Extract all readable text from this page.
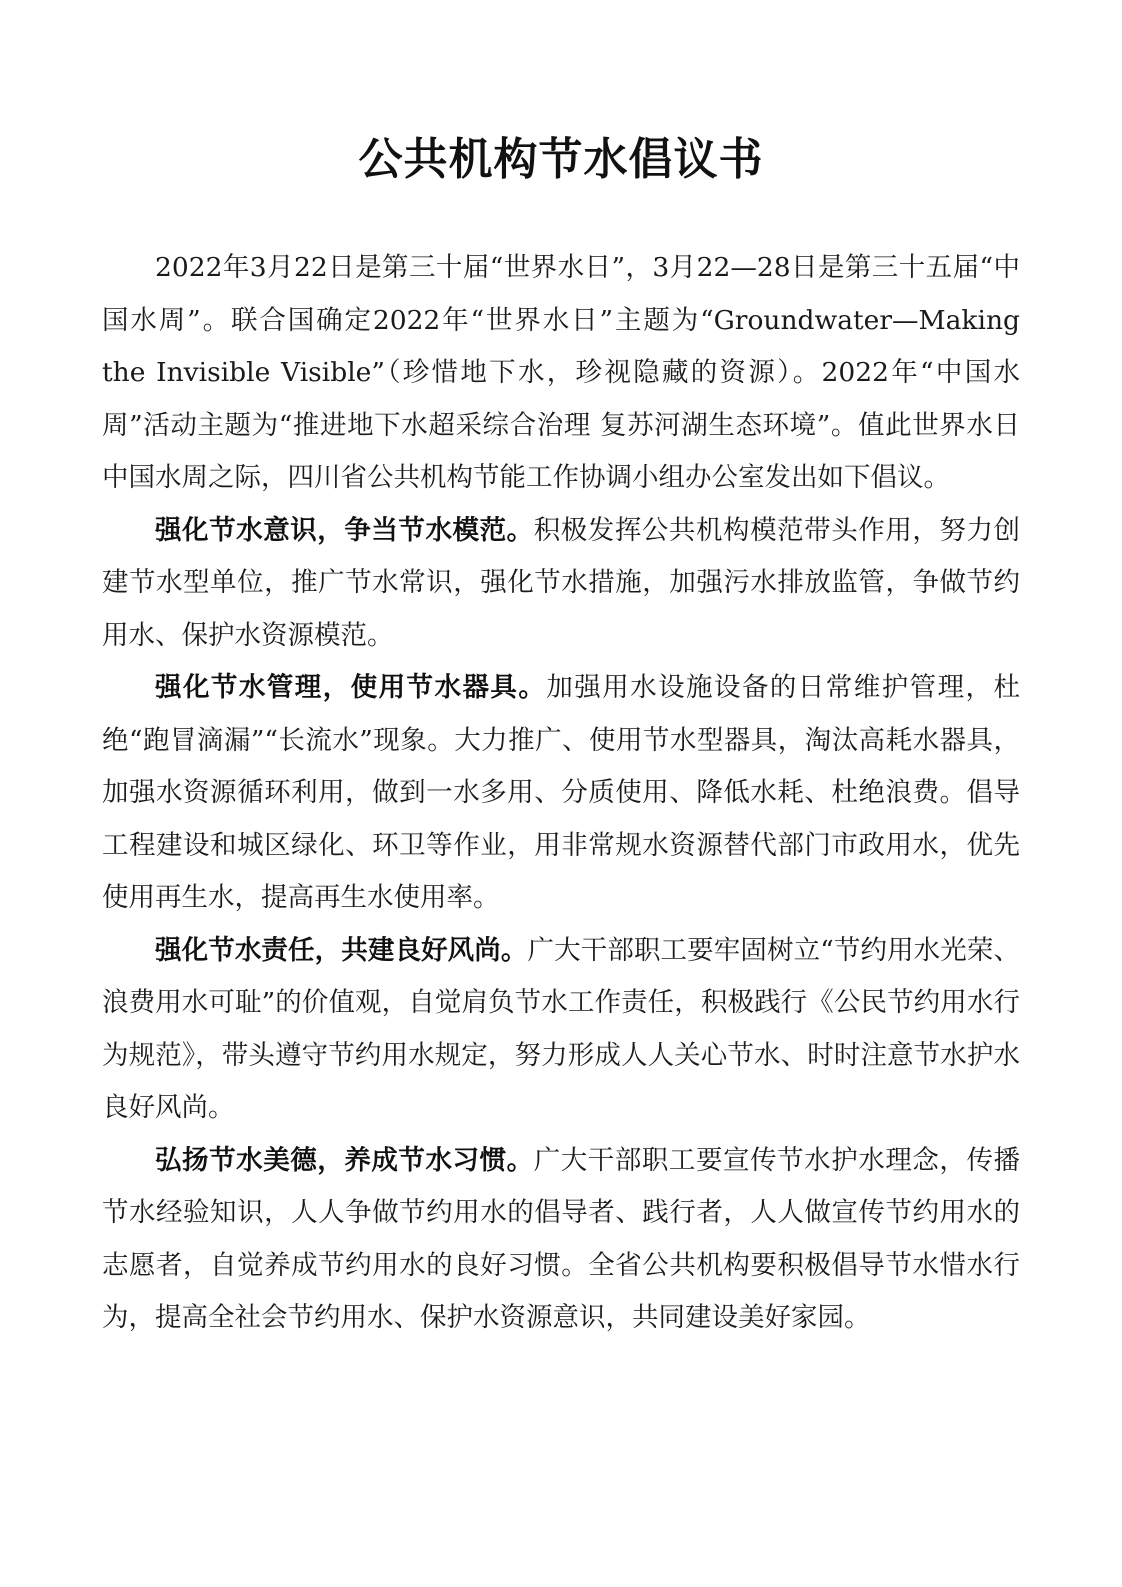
公共机构节水倡议书

2022年3月22日是第三十届“世界水日”，3月22—28日是第三十五届“中国水周”。联合国确定2022年“世界水日”主题为“Groundwater—Making the Invisible Visible”（珍惜地下水，珍视隐藏的资源）。2022年“中国水周”活动主题为“推进地下水超采综合治理 复苏河湖生态环境”。值此世界水日中国水周之际，四川省公共机构节能工作协调小组办公室发出如下倡议。

强化节水意识，争当节水模范。积极发挥公共机构模范带头作用，努力创建节水型单位，推广节水常识，强化节水措施，加强污水排放监管，争做节约用水、保护水资源模范。

强化节水管理，使用节水器具。加强用水设施设备的日常维护管理，杜绝“跑冒滴漏”“长流水”现象。大力推广、使用节水型器具，淘汰高耗水器具，加强水资源循环利用，做到一水多用、分质使用、降低水耗、杜绝浪费。倡导工程建设和城区绿化、环卫等作业，用非常规水资源替代部门市政用水，优先使用再生水，提高再生水使用率。

强化节水责任，共建良好风尚。广大干部职工要牢固树立“节约用水光荣、浪费用水可耻”的价值观，自觉肩负节水工作责任，积极践行《公民节约用水行为规范》，带头遵守节约用水规定，努力形成人人关心节水、时时注意节水护水良好风尚。

弘扬节水美德，养成节水习惯。广大干部职工要宣传节水护水理念，传播节水经验知识，人人争做节约用水的倡导者、践行者，人人做宣传节约用水的志愿者，自觉养成节约用水的良好习惯。全省公共机构要积极倡导节水惜水行为，提高全社会节约用水、保护水资源意识，共同建设美好家园。
